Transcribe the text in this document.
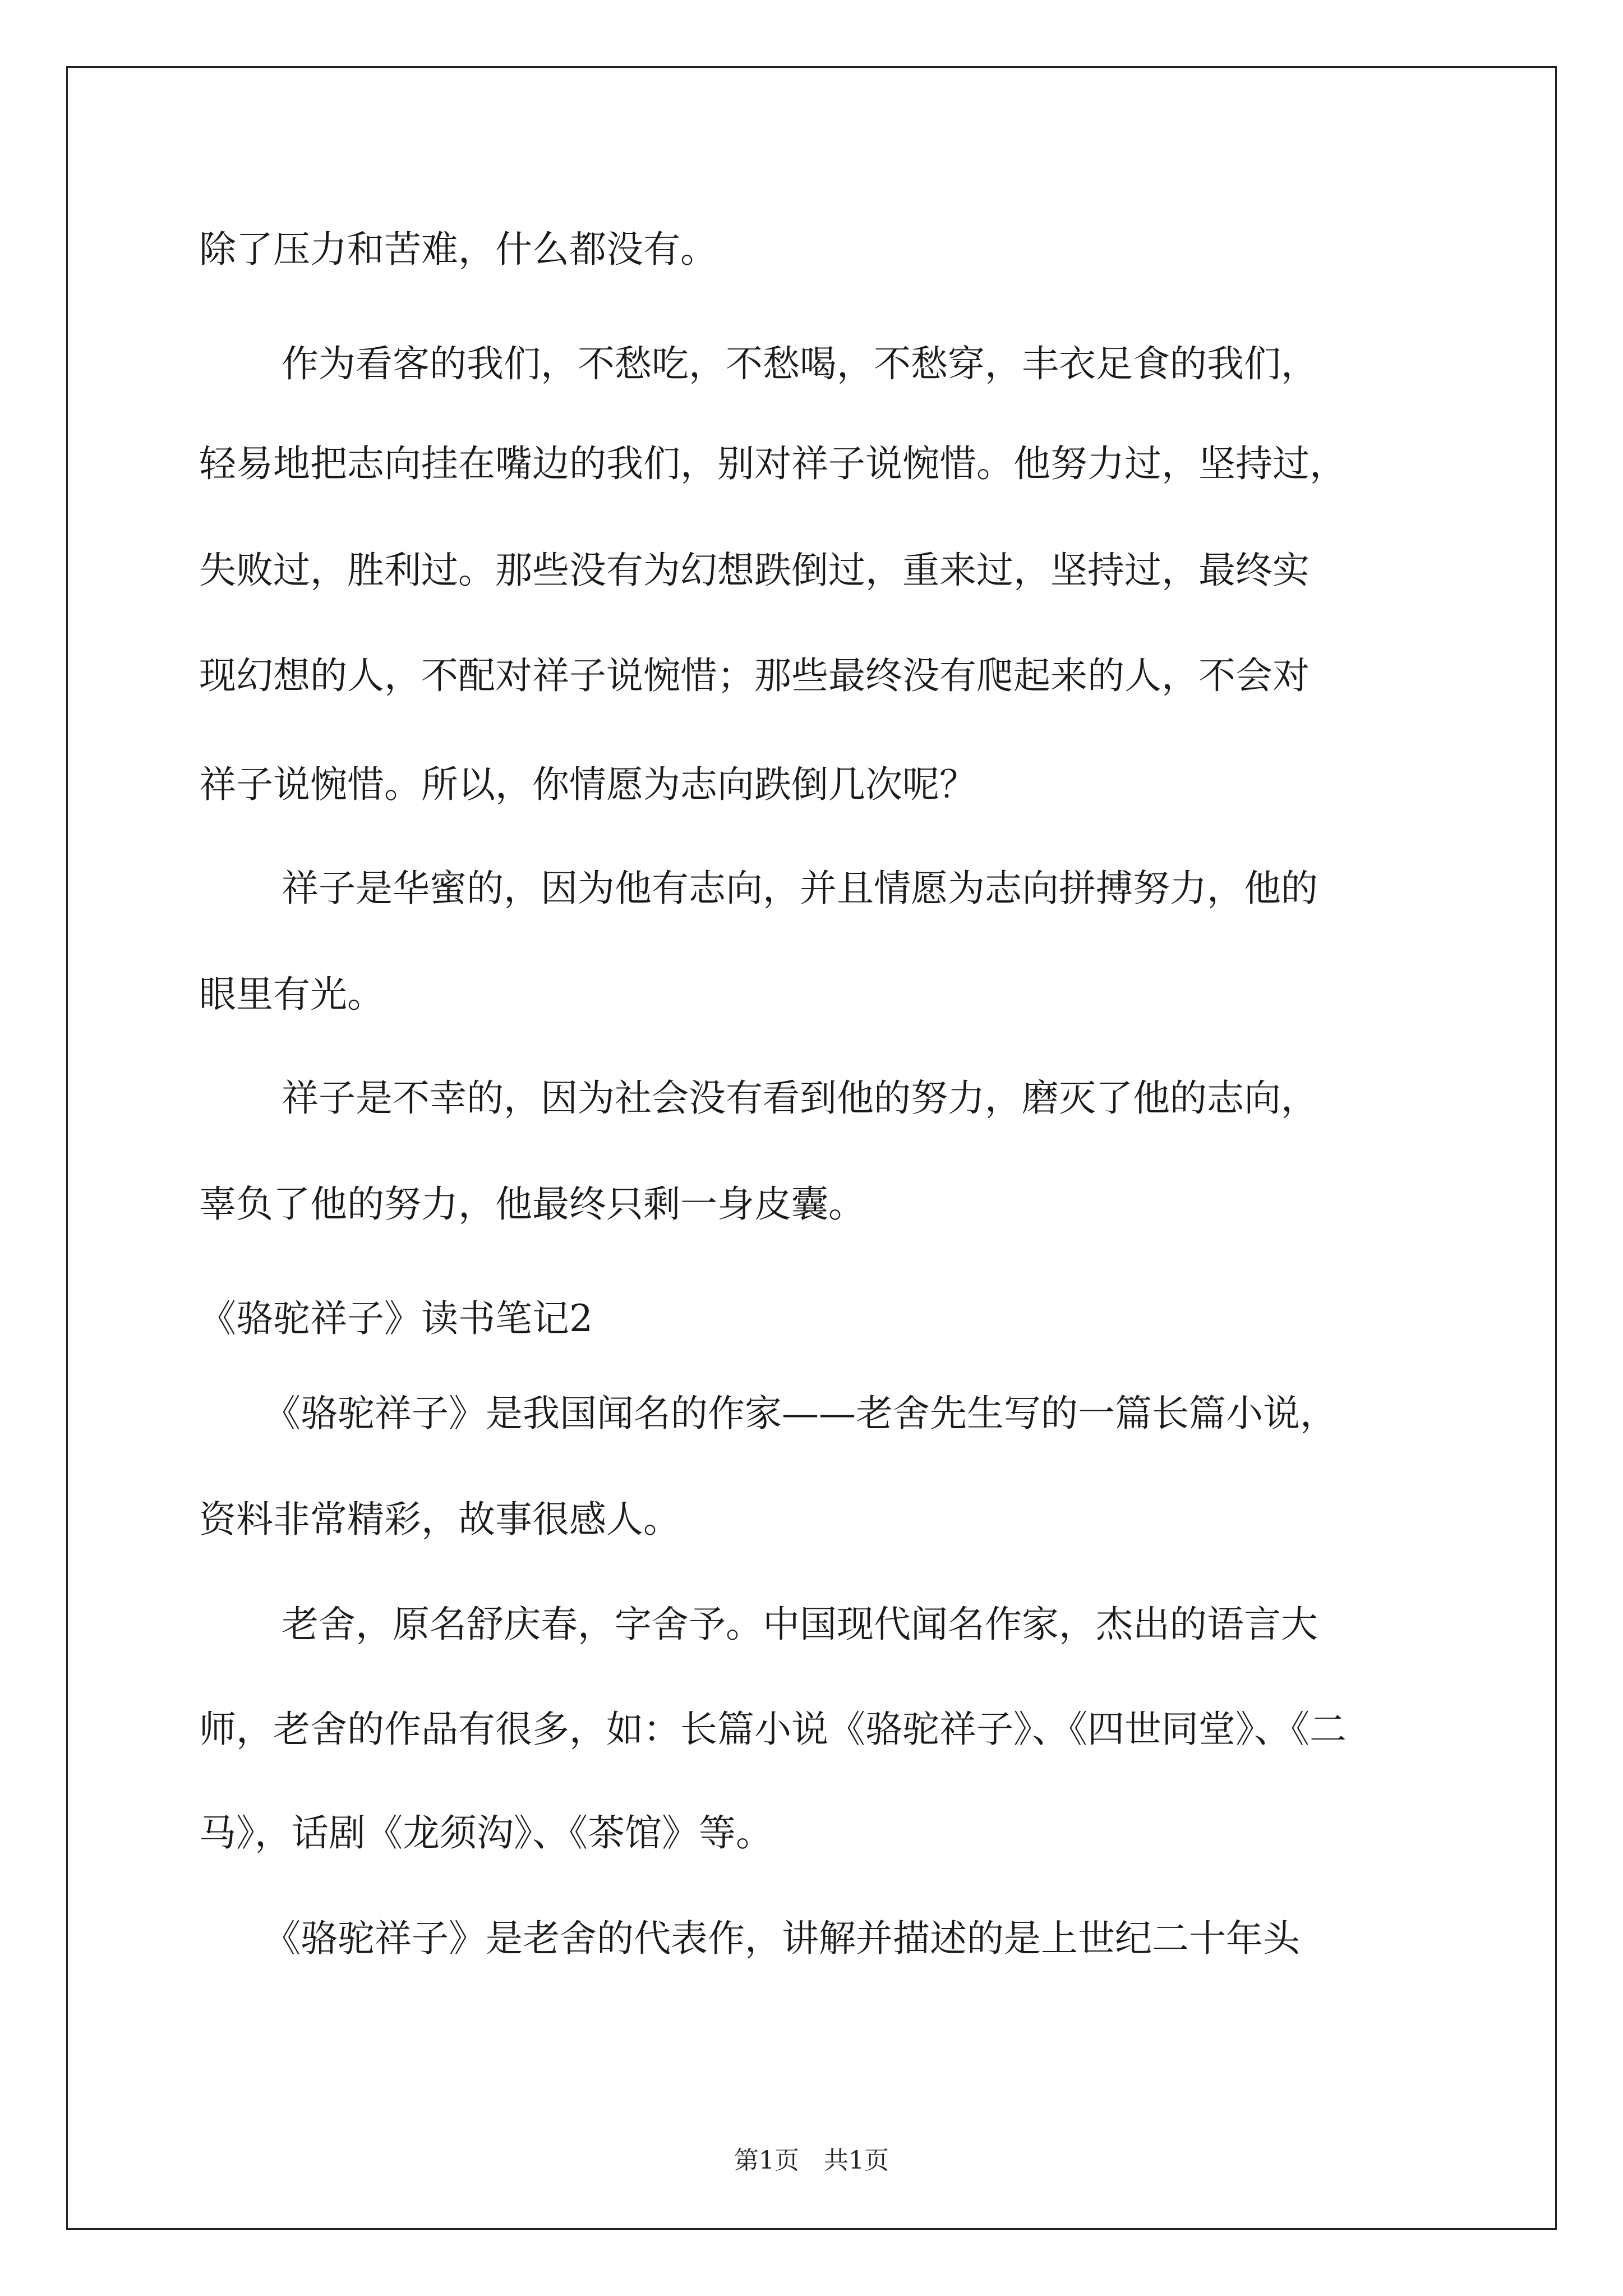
除了压力和苦难，什么都没有。
作为看客的我们，不愁吃，不愁喝，不愁穿，丰衣足食的我们，
轻易地把志向挂在嘴边的我们，别对祥子说惋惜。他努力过，坚持过，
失败过，胜利过。那些没有为幻想跌倒过，重来过，坚持过，最终实
现幻想的人，不配对祥子说惋惜；那些最终没有爬起来的人，不会对
祥子说惋惜。所以，你情愿为志向跌倒几次呢？
祥子是华蜜的，因为他有志向，并且情愿为志向拼搏努力，他的
眼里有光。
祥子是不幸的，因为社会没有看到他的努力，磨灭了他的志向，
辜负了他的努力，他最终只剩一身皮囊。
《骆驼祥子》读书笔记2
《骆驼祥子》是我国闻名的作家——老舍先生写的一篇长篇小说，
资料非常精彩，故事很感人。
老舍，原名舒庆春，字舍予。中国现代闻名作家，杰出的语言大
师，老舍的作品有很多，如：长篇小说《骆驼祥子》、《四世同堂》、《二
马》，话剧《龙须沟》、《茶馆》等。
《骆驼祥子》是老舍的代表作，讲解并描述的是上世纪二十年头
第1页　共1页
